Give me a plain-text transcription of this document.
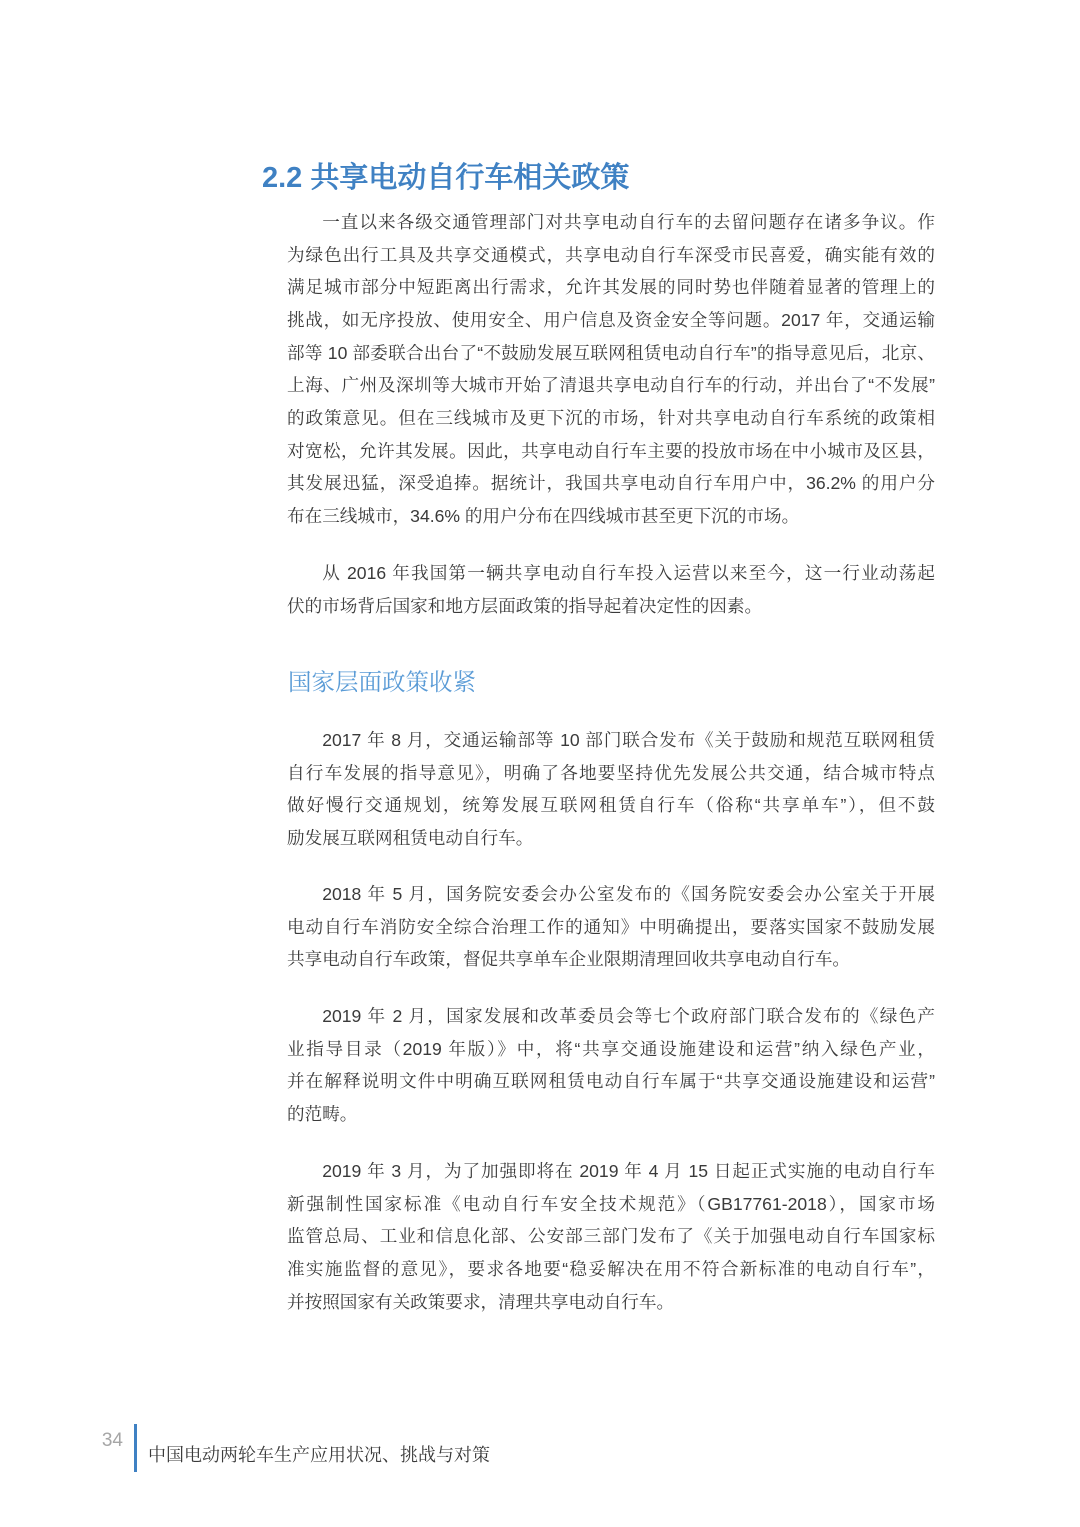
2.2 共享电动自行车相关政策
一直以来各级交通管理部门对共享电动自行车的去留问题存在诸多争议。作
为绿色出行工具及共享交通模式，共享电动自行车深受市民喜爱，确实能有效的
满足城市部分中短距离出行需求，允许其发展的同时势也伴随着显著的管理上的
挑战，如无序投放、使用安全、用户信息及资金安全等问题。2017 年，交通运输
部等 10 部委联合出台了“不鼓励发展互联网租赁电动自行车”的指导意见后，北京、
上海、广州及深圳等大城市开始了清退共享电动自行车的行动，并出台了“不发展”
的政策意见。但在三线城市及更下沉的市场，针对共享电动自行车系统的政策相
对宽松，允许其发展。因此，共享电动自行车主要的投放市场在中小城市及区县，
其发展迅猛，深受追捧。据统计，我国共享电动自行车用户中，36.2% 的用户分
布在三线城市，34.6% 的用户分布在四线城市甚至更下沉的市场。
从 2016 年我国第一辆共享电动自行车投入运营以来至今，这一行业动荡起
伏的市场背后国家和地方层面政策的指导起着决定性的因素。
国家层面政策收紧
2017 年 8 月，交通运输部等 10 部门联合发布《关于鼓励和规范互联网租赁
自行车发展的指导意见》，明确了各地要坚持优先发展公共交通，结合城市特点
做好慢行交通规划，统筹发展互联网租赁自行车（俗称“共享单车”），但不鼓
励发展互联网租赁电动自行车。
2018 年 5 月，国务院安委会办公室发布的《国务院安委会办公室关于开展
电动自行车消防安全综合治理工作的通知》中明确提出，要落实国家不鼓励发展
共享电动自行车政策，督促共享单车企业限期清理回收共享电动自行车。
2019 年 2 月，国家发展和改革委员会等七个政府部门联合发布的《绿色产
业指导目录（2019 年版）》中，将“共享交通设施建设和运营”纳入绿色产业，
并在解释说明文件中明确互联网租赁电动自行车属于“共享交通设施建设和运营”
的范畴。
2019 年 3 月，为了加强即将在 2019 年 4 月 15 日起正式实施的电动自行车
新强制性国家标准《电动自行车安全技术规范》（GB17761-2018），国家市场
监管总局、工业和信息化部、公安部三部门发布了《关于加强电动自行车国家标
准实施监督的意见》，要求各地要“稳妥解决在用不符合新标准的电动自行车”，
并按照国家有关政策要求，清理共享电动自行车。
34
中国电动两轮车生产应用状况、挑战与对策
